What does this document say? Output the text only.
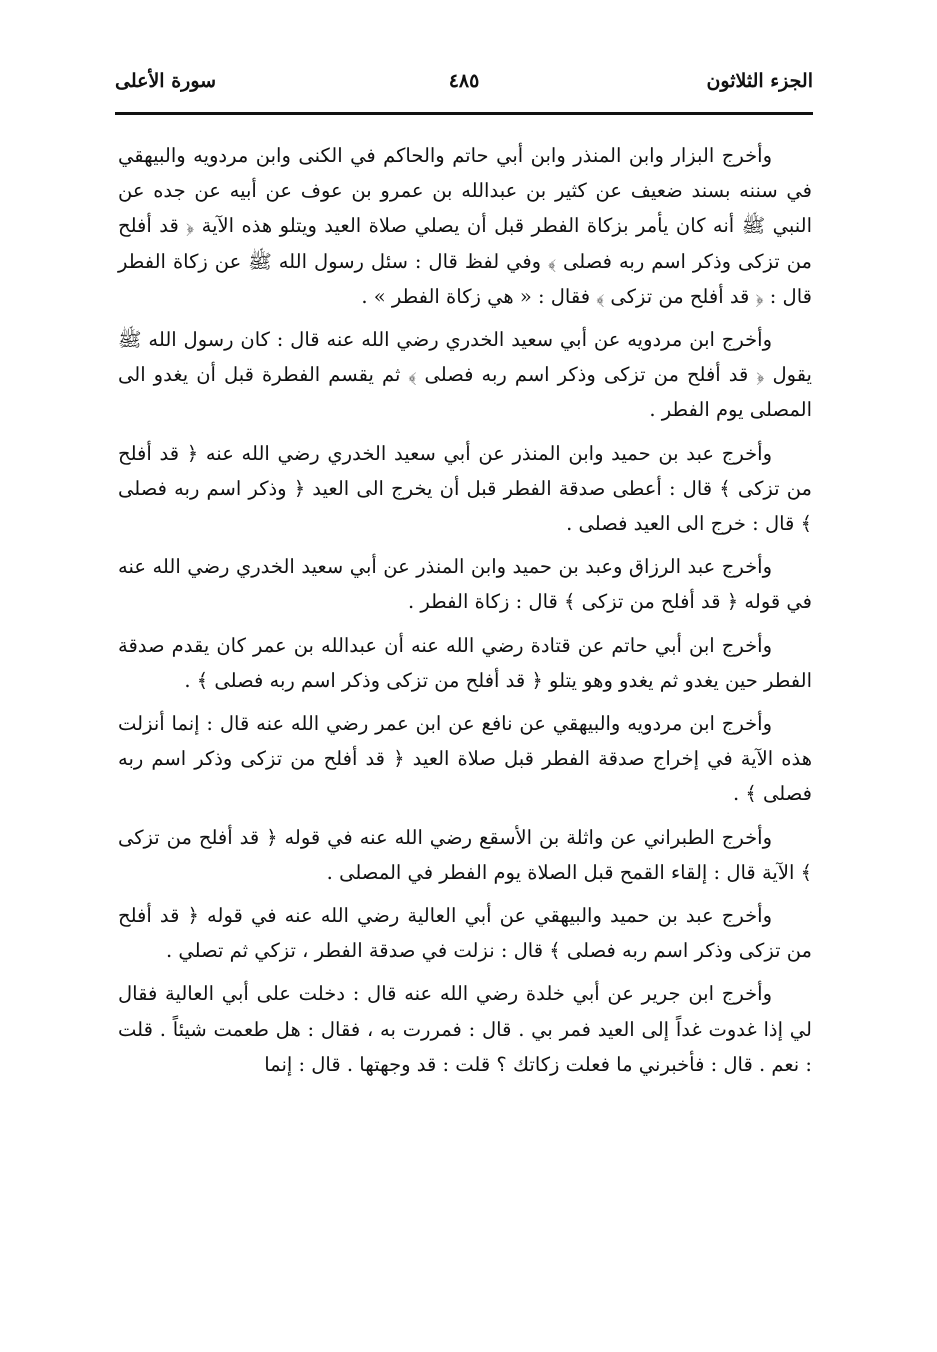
الجزء الثلاثون
٤٨٥
سورة الأعلى

وأخرج البزار وابن المنذر وابن أبي حاتم والحاكم في الكنى وابن مردويه والبيهقي في سننه بسند ضعيف عن كثير بن عبدالله بن عمرو بن عوف عن أبيه عن جده عن النبي ﷺ أنه كان يأمر بزكاة الفطر قبل أن يصلي صلاة العيد ويتلو هذه الآية ﴿ قد أفلح من تزكى وذكر اسم ربه فصلى ﴾ وفي لفظ قال : سئل رسول الله ﷺ عن زكاة الفطر قال : ﴿ قد أفلح من تزكى ﴾ فقال : « هي زكاة الفطر » .

وأخرج ابن مردويه عن أبي سعيد الخدري رضي الله عنه قال : كان رسول الله ﷺ يقول ﴿ قد أفلح من تزكى وذكر اسم ربه فصلى ﴾ ثم يقسم الفطرة قبل أن يغدو الى المصلى يوم الفطر .

وأخرج عبد بن حميد وابن المنذر عن أبي سعيد الخدري رضي الله عنه ﴿ قد أفلح من تزكى ﴾ قال : أعطى صدقة الفطر قبل أن يخرج الى العيد ﴿ وذكر اسم ربه فصلى ﴾ قال : خرج الى العيد فصلى .

وأخرج عبد الرزاق وعبد بن حميد وابن المنذر عن أبي سعيد الخدري رضي الله عنه في قوله ﴿ قد أفلح من تزكى ﴾ قال : زكاة الفطر .

وأخرج ابن أبي حاتم عن قتادة رضي الله عنه أن عبدالله بن عمر كان يقدم صدقة الفطر حين يغدو ثم يغدو وهو يتلو ﴿ قد أفلح من تزكى وذكر اسم ربه فصلى ﴾ .

وأخرج ابن مردويه والبيهقي عن نافع عن ابن عمر رضي الله عنه قال : إنما أنزلت هذه الآية في إخراج صدقة الفطر قبل صلاة العيد ﴿ قد أفلح من تزكى وذكر اسم ربه فصلى ﴾ .

وأخرج الطبراني عن واثلة بن الأسقع رضي الله عنه في قوله ﴿ قد أفلح من تزكى ﴾ الآية قال : إلقاء القمح قبل الصلاة يوم الفطر في المصلى .

وأخرج عبد بن حميد والبيهقي عن أبي العالية رضي الله عنه في قوله ﴿ قد أفلح من تزكى وذكر اسم ربه فصلى ﴾ قال : نزلت في صدقة الفطر ، تزكي ثم تصلي .

وأخرج ابن جرير عن أبي خلدة رضي الله عنه قال : دخلت على أبي العالية فقال لي إذا غدوت غداً إلى العيد فمر بي . قال : فمررت به ، فقال : هل طعمت شيئاً . قلت : نعم . قال : فأخبرني ما فعلت زكاتك ؟ قلت : قد وجهتها . قال : إنما
